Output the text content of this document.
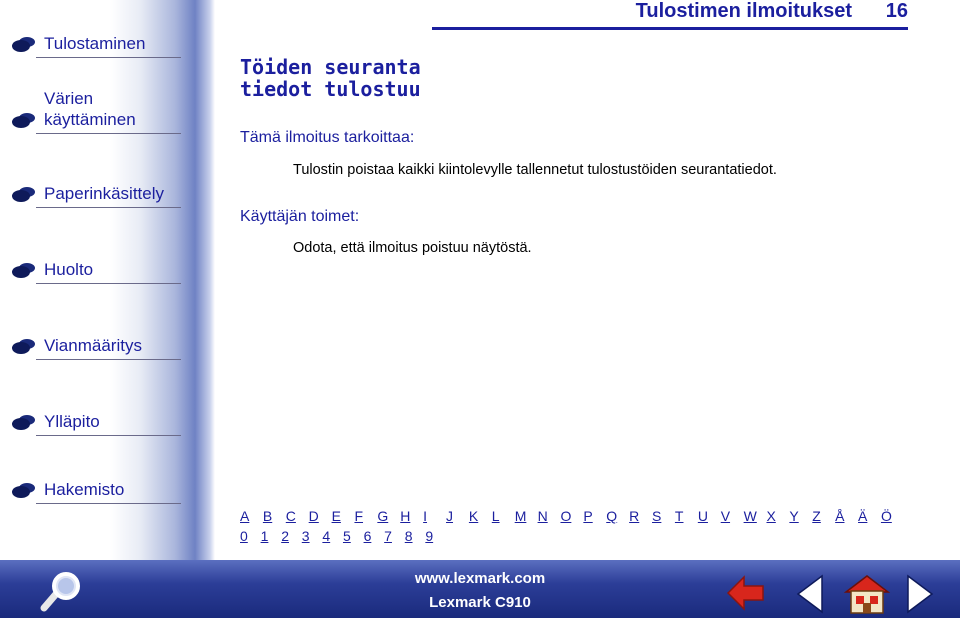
Tulostaminen
Värien
käyttäminen
Paperinkäsittely
Huolto
Vianmääritys
Ylläpito
Hakemisto
Tulostimen ilmoitukset 16
Töiden seuranta
tiedot tulostuu
Tämä ilmoitus tarkoittaa:
Tulostin poistaa kaikki kiintolevylle tallennetut tulostustöiden seurantatiedot.
Käyttäjän toimet:
Odota, että ilmoitus poistuu näytöstä.
A B C D E F	G H I	J	K L	M N O P Q R S T	U V W X Y Z	Å Ä Ö
0 1 2 3 4 5 6 7 8 9
www.lexmark.com
Lexmark C910
